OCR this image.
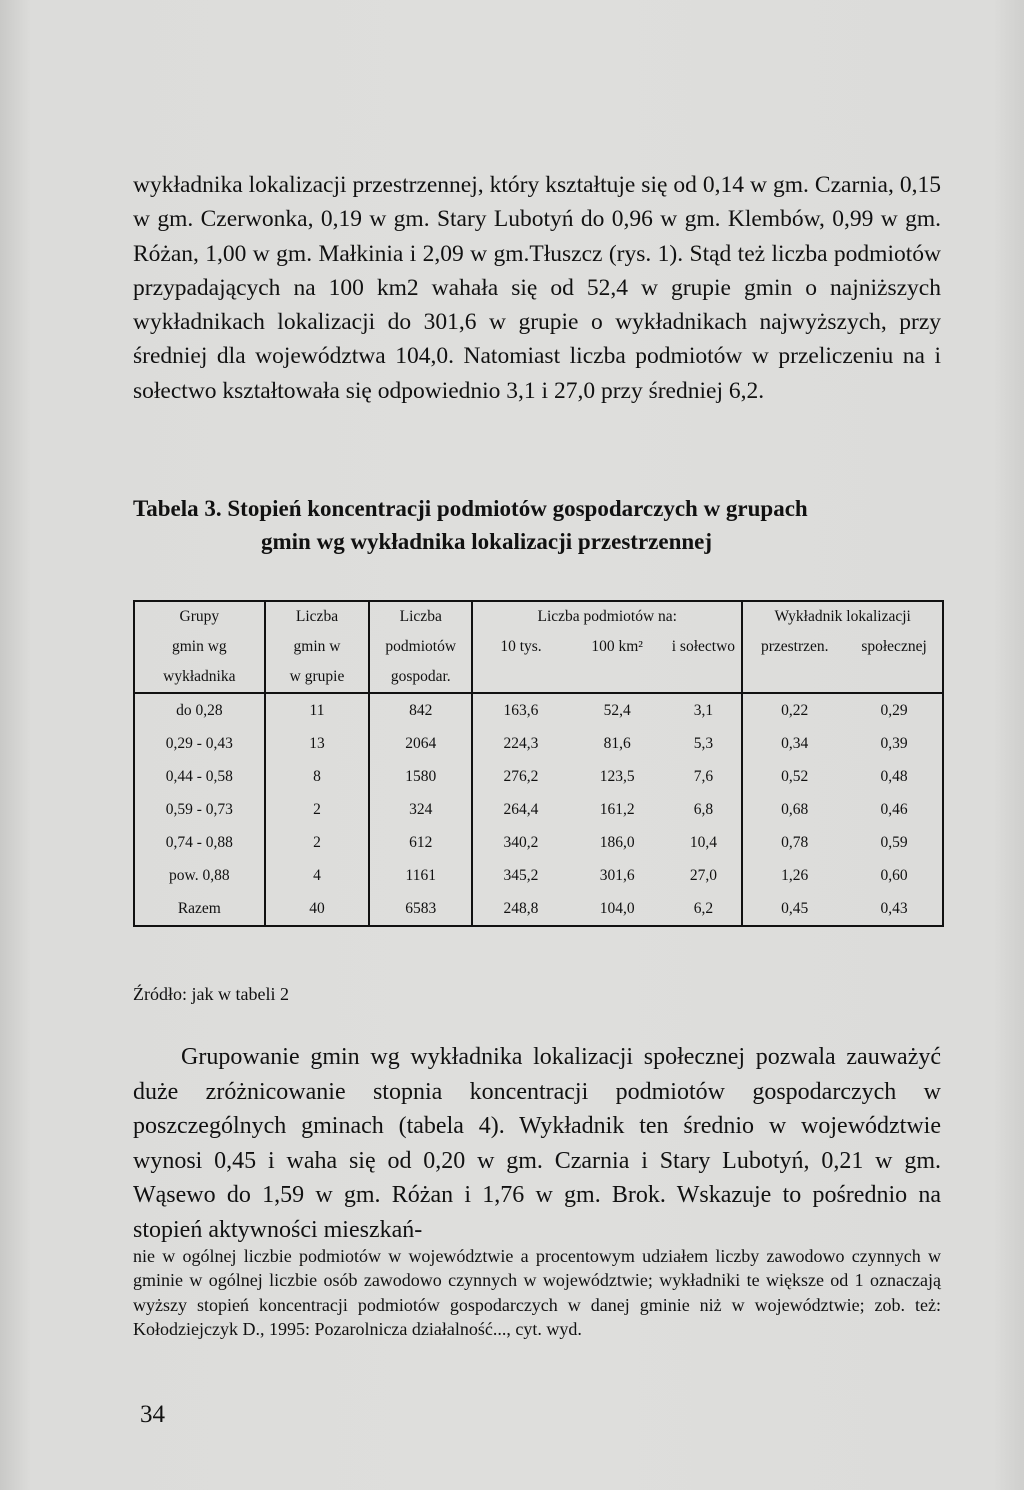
wykładnika lokalizacji przestrzennej, który kształtuje się od 0,14 w gm. Czarnia, 0,15 w gm. Czerwonka, 0,19 w gm. Stary Lubotyń do 0,96 w gm. Klembów, 0,99 w gm. Różan, 1,00 w gm. Małkinia i 2,09 w gm.Tłuszcz (rys. 1). Stąd też liczba podmiotów przypadających na 100 km2 wahała się od 52,4 w grupie gmin o najniższych wykładnikach lokalizacji do 301,6 w grupie o wykładnikach najwyższych, przy średniej dla województwa 104,0. Natomiast liczba podmiotów w przeliczeniu na i sołectwo kształtowała się odpowiednio 3,1 i 27,0 przy średniej 6,2.

Tabela 3. Stopień koncentracji podmiotów gospodarczych w grupach
gmin wg wykładnika lokalizacji przestrzennej
Grupy	Liczba	Liczba	Liczba podmiotów na:			Wykładnik lokalizacji	
gmin wg	gmin w	podmiotów	10 tys.	100 km²	i sołectwo	przestrzen.	społecznej
wykładnika	w grupie	gospodar.					
do 0,28	11	842	163,6	52,4	3,1	0,22	0,29
0,29 - 0,43	13	2064	224,3	81,6	5,3	0,34	0,39
0,44 - 0,58	8	1580	276,2	123,5	7,6	0,52	0,48
0,59 - 0,73	2	324	264,4	161,2	6,8	0,68	0,46
0,74 - 0,88	2	612	340,2	186,0	10,4	0,78	0,59
pow. 0,88	4	1161	345,2	301,6	27,0	1,26	0,60
Razem	40	6583	248,8	104,0	6,2	0,45	0,43
Źródło: jak w tabeli 2

Grupowanie gmin wg wykładnika lokalizacji społecznej pozwala zauważyć duże zróżnicowanie stopnia koncentracji podmiotów gospodarczych w poszczególnych gminach (tabela 4). Wykładnik ten średnio w województwie wynosi 0,45 i waha się od 0,20 w gm. Czarnia i Stary Lubotyń, 0,21 w gm. Wąsewo do 1,59 w gm. Różan i 1,76 w gm. Brok. Wskazuje to pośrednio na stopień aktywności mieszkań-

nie w ogólnej liczbie podmiotów w województwie a procentowym udziałem liczby zawodowo czynnych w gminie w ogólnej liczbie osób zawodowo czynnych w województwie; wykładniki te większe od 1 oznaczają wyższy stopień koncentracji podmiotów gospodarczych w danej gminie niż w województwie; zob. też: Kołodziejczyk D., 1995: Pozarolnicza działalność..., cyt. wyd.

34
